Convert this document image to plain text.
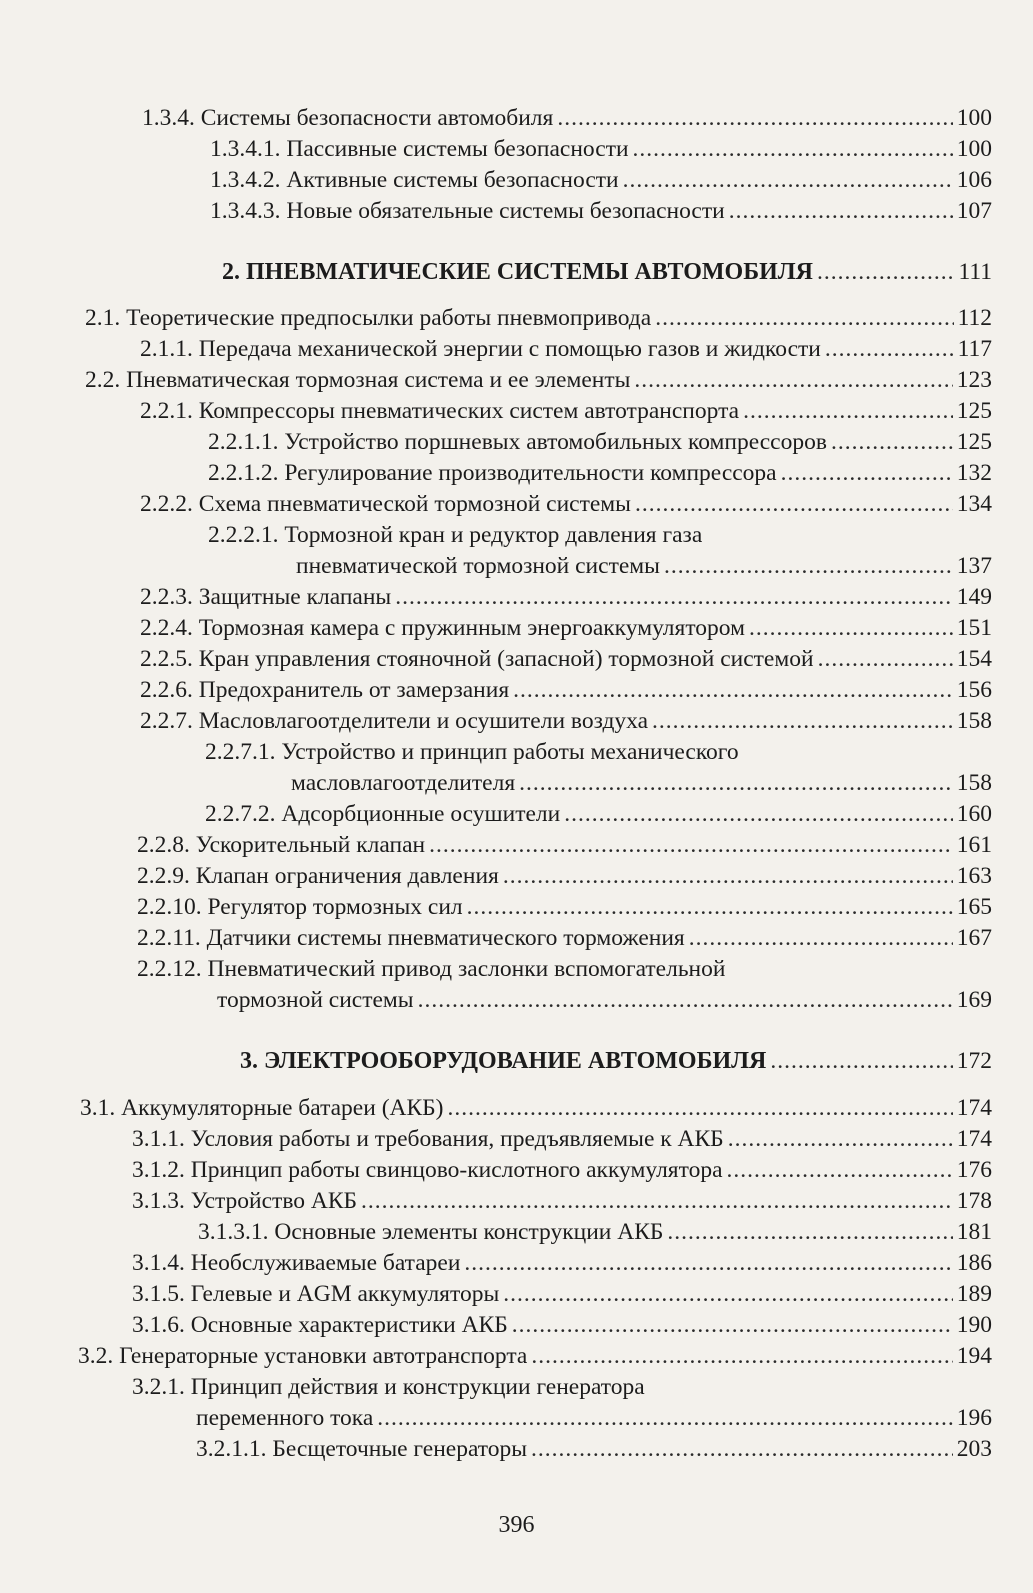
1.3.4. Системы безопасности автомобиля .....	100
1.3.4.1. Пассивные системы безопасности .....	100
1.3.4.2. Активные системы безопасности .....	106
1.3.4.3. Новые обязательные системы безопасности .....	107
2. ПНЕВМАТИЧЕСКИЕ СИСТЕМЫ АВТОМОБИЛЯ .....	111
2.1. Теоретические предпосылки работы пневмопривода .....	112
2.1.1. Передача механической энергии с помощью газов и жидкости .....	117
2.2. Пневматическая тормозная система и ее элементы .....	123
2.2.1. Компрессоры пневматических систем автотранспорта .....	125
2.2.1.1. Устройство поршневых автомобильных компрессоров .....	125
2.2.1.2. Регулирование производительности компрессора .....	132
2.2.2. Схема пневматической тормозной системы .....	134
2.2.2.1. Тормозной кран и редуктор давления газа
пневматической тормозной системы .....	137
2.2.3. Защитные клапаны .....	149
2.2.4. Тормозная камера с пружинным энергоаккумулятором .....	151
2.2.5. Кран управления стояночной (запасной) тормозной системой .....	154
2.2.6. Предохранитель от замерзания .....	156
2.2.7. Масловлагоотделители и осушители воздуха .....	158
2.2.7.1. Устройство и принцип работы механического
масловлагоотделителя .....	158
2.2.7.2. Адсорбционные осушители .....	160
2.2.8. Ускорительный клапан .....	161
2.2.9. Клапан ограничения давления .....	163
2.2.10. Регулятор тормозных сил .....	165
2.2.11. Датчики системы пневматического торможения .....	167
2.2.12. Пневматический привод заслонки вспомогательной
тормозной системы .....	169
3. ЭЛЕКТРООБОРУДОВАНИЕ АВТОМОБИЛЯ .....	172
3.1. Аккумуляторные батареи (АКБ) .....	174
3.1.1. Условия работы и требования, предъявляемые к АКБ .....	174
3.1.2. Принцип работы свинцово-кислотного аккумулятора .....	176
3.1.3. Устройство АКБ .....	178
3.1.3.1. Основные элементы конструкции АКБ .....	181
3.1.4. Необслуживаемые батареи .....	186
3.1.5. Гелевые и AGM аккумуляторы .....	189
3.1.6. Основные характеристики АКБ .....	190
3.2. Генераторные установки автотранспорта .....	194
3.2.1. Принцип действия и конструкции генератора
переменного тока .....	196
3.2.1.1. Бесщеточные генераторы .....	203
396
